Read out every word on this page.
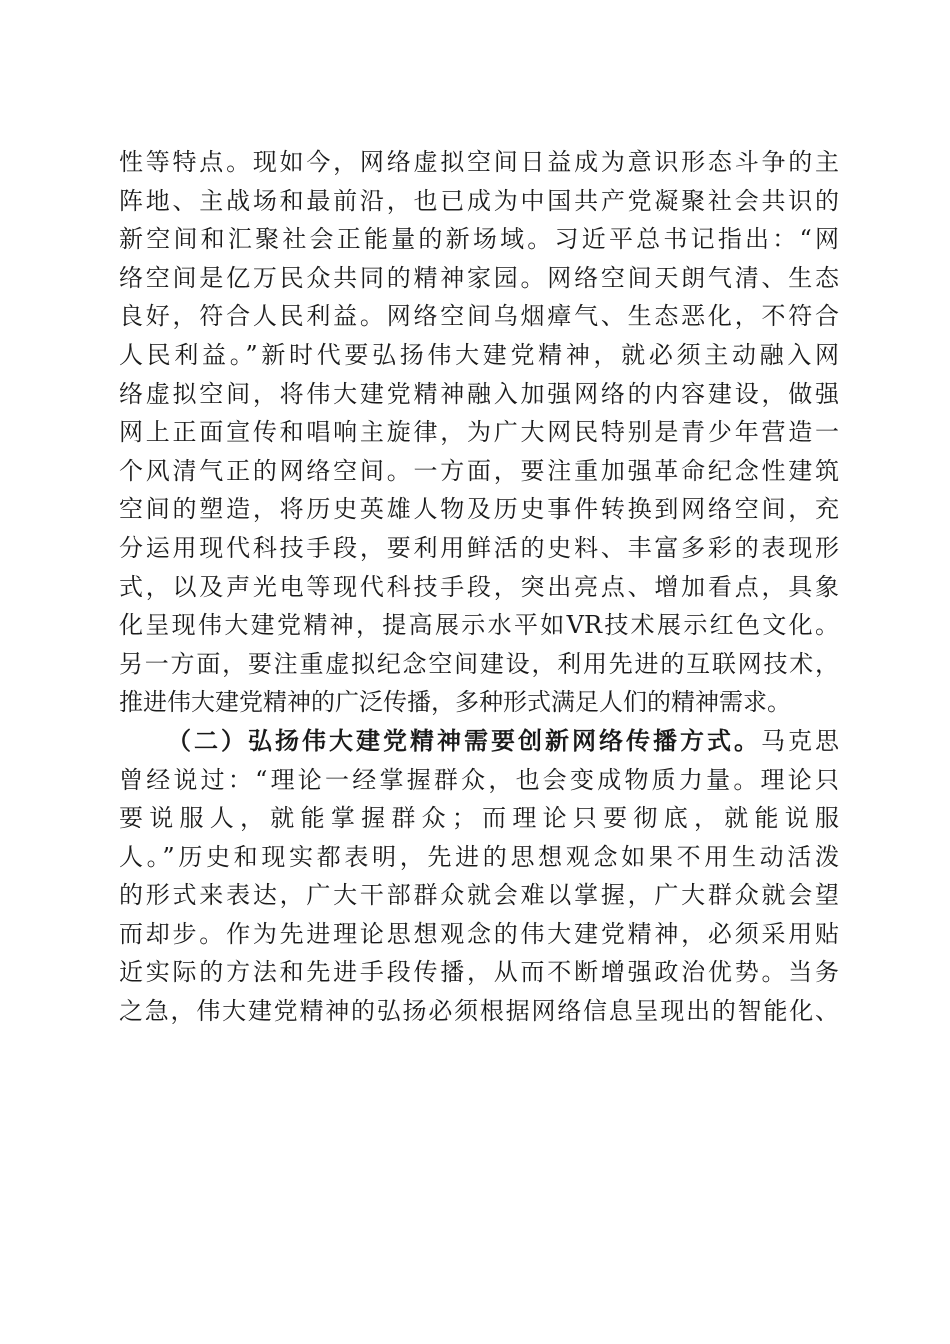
性等特点。现如今，网络虚拟空间日益成为意识形态斗争的主
阵地、主战场和最前沿，也已成为中国共产党凝聚社会共识的
新空间和汇聚社会正能量的新场域。习近平总书记指出：“网
络空间是亿万民众共同的精神家园。网络空间天朗气清、生态
良好，符合人民利益。网络空间乌烟瘴气、生态恶化，不符合
人民利益。”新时代要弘扬伟大建党精神，就必须主动融入网
络虚拟空间，将伟大建党精神融入加强网络的内容建设，做强
网上正面宣传和唱响主旋律，为广大网民特别是青少年营造一
个风清气正的网络空间。一方面，要注重加强革命纪念性建筑
空间的塑造，将历史英雄人物及历史事件转换到网络空间，充
分运用现代科技手段，要利用鲜活的史料、丰富多彩的表现形
式，以及声光电等现代科技手段，突出亮点、增加看点，具象
化呈现伟大建党精神，提高展示水平如VR技术展示红色文化。
另一方面，要注重虚拟纪念空间建设，利用先进的互联网技术，
推进伟大建党精神的广泛传播，多种形式满足人们的精神需求。
（二）弘扬伟大建党精神需要创新网络传播方式。马克思
曾经说过：“理论一经掌握群众，也会变成物质力量。理论只
要说服人，就能掌握群众；而理论只要彻底，就能说服
人。”历史和现实都表明，先进的思想观念如果不用生动活泼
的形式来表达，广大干部群众就会难以掌握，广大群众就会望
而却步。作为先进理论思想观念的伟大建党精神，必须采用贴
近实际的方法和先进手段传播，从而不断增强政治优势。当务
之急，伟大建党精神的弘扬必须根据网络信息呈现出的智能化、
